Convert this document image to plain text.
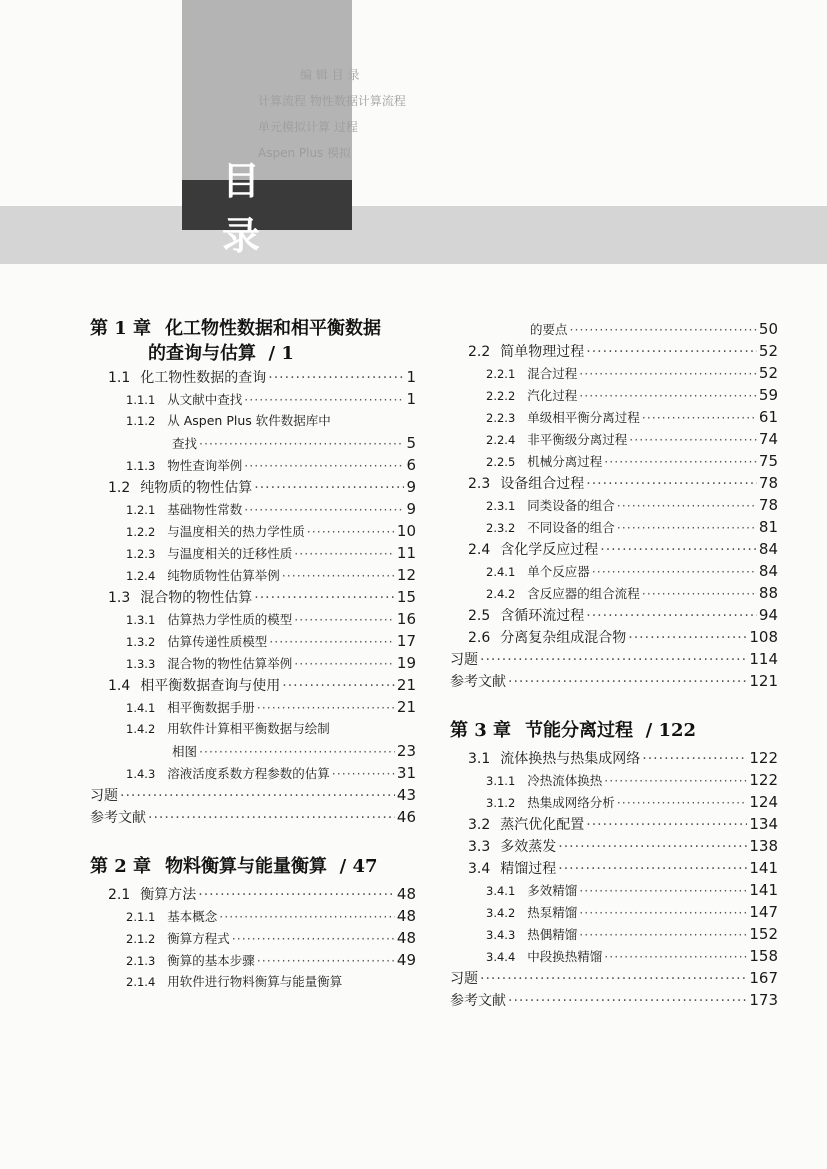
编 辑 目 录
计算流程 物性数据计算流程
单元模拟计算 过程
Aspen Plus 模拟
目 录
第 1 章 化工物性数据和相平衡数据
的查询与估算 / 1
1.1 化工物性数据的查询 ·····	1
1.1.1 从文献中查找 ·····	1
1.1.2 从 Aspen Plus 软件数据库中
查找 ·····	5
1.1.3 物性查询举例 ·····	6
1.2 纯物质的物性估算 ·····	9
1.2.1 基础物性常数 ·····	9
1.2.2 与温度相关的热力学性质 ·····	10
1.2.3 与温度相关的迁移性质 ·····	11
1.2.4 纯物质物性估算举例 ·····	12
1.3 混合物的物性估算 ·····	15
1.3.1 估算热力学性质的模型 ·····	16
1.3.2 估算传递性质模型 ·····	17
1.3.3 混合物的物性估算举例 ·····	19
1.4 相平衡数据查询与使用 ·····	21
1.4.1 相平衡数据手册 ·····	21
1.4.2 用软件计算相平衡数据与绘制
相图 ·····	23
1.4.3 溶液活度系数方程参数的估算 ·····	31
习题 ·····	43
参考文献 ·····	46
第 2 章 物料衡算与能量衡算 / 47
2.1 衡算方法 ·····	48
2.1.1 基本概念 ·····	48
2.1.2 衡算方程式 ·····	48
2.1.3 衡算的基本步骤 ·····	49
2.1.4 用软件进行物料衡算与能量衡算
的要点 ·····	50
2.2 简单物理过程 ·····	52
2.2.1 混合过程 ·····	52
2.2.2 汽化过程 ·····	59
2.2.3 单级相平衡分离过程 ·····	61
2.2.4 非平衡级分离过程 ·····	74
2.2.5 机械分离过程 ·····	75
2.3 设备组合过程 ·····	78
2.3.1 同类设备的组合 ·····	78
2.3.2 不同设备的组合 ·····	81
2.4 含化学反应过程 ·····	84
2.4.1 单个反应器 ·····	84
2.4.2 含反应器的组合流程 ·····	88
2.5 含循环流过程 ·····	94
2.6 分离复杂组成混合物 ·····	108
习题 ·····	114
参考文献 ·····	121
第 3 章 节能分离过程 / 122
3.1 流体换热与热集成网络 ·····	122
3.1.1 冷热流体换热 ·····	122
3.1.2 热集成网络分析 ·····	124
3.2 蒸汽优化配置 ·····	134
3.3 多效蒸发 ·····	138
3.4 精馏过程 ·····	141
3.4.1 多效精馏 ·····	141
3.4.2 热泵精馏 ·····	147
3.4.3 热偶精馏 ·····	152
3.4.4 中段换热精馏 ·····	158
习题 ·····	167
参考文献 ·····	173
